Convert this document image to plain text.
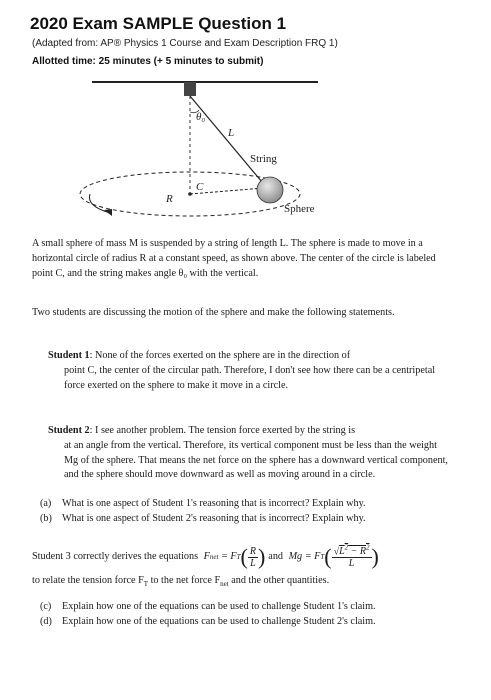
2020 Exam SAMPLE Question 1
(Adapted from: AP® Physics 1 Course and Exam Description FRQ 1)
Allotted time: 25 minutes (+ 5 minutes to submit)
θ₀
L
String
R
C
Sphere
A small sphere of mass M is suspended by a string of length L. The sphere is made to move in a horizontal circle of radius R at a constant speed, as shown above. The center of the circle is labeled point C, and the string makes angle θ₀ with the vertical.
Two students are discussing the motion of the sphere and make the following statements.
Student 1: None of the forces exerted on the sphere are in the direction of
point C, the center of the circular path. Therefore, I don't see how there can be a centripetal force exerted on the sphere to make it move in a circle.
Student 2: I see another problem. The tension force exerted by the string is
at an angle from the vertical. Therefore, its vertical component must be less than the weight Mg of the sphere. That means the net force on the sphere has a downward vertical component, and the sphere should move downward as well as moving around in a circle.
(a)	What is one aspect of Student 1's reasoning that is incorrect? Explain why.
(b) What is one aspect of Student 2's reasoning that is incorrect? Explain why.
Student 3 correctly derives the equations F net = F T ( $\frac{R}{L}$ ) and Mg = F T ( $\frac{√L^2 - R^2}{L}$ )
to relate the tension force $F_T$ to the net force $F_{net}$ and the other quantities.
(c)	Explain how one of the equations can be used to challenge Student 1's claim.
(d) Explain how one of the equations can be used to challenge Student 2's claim.
